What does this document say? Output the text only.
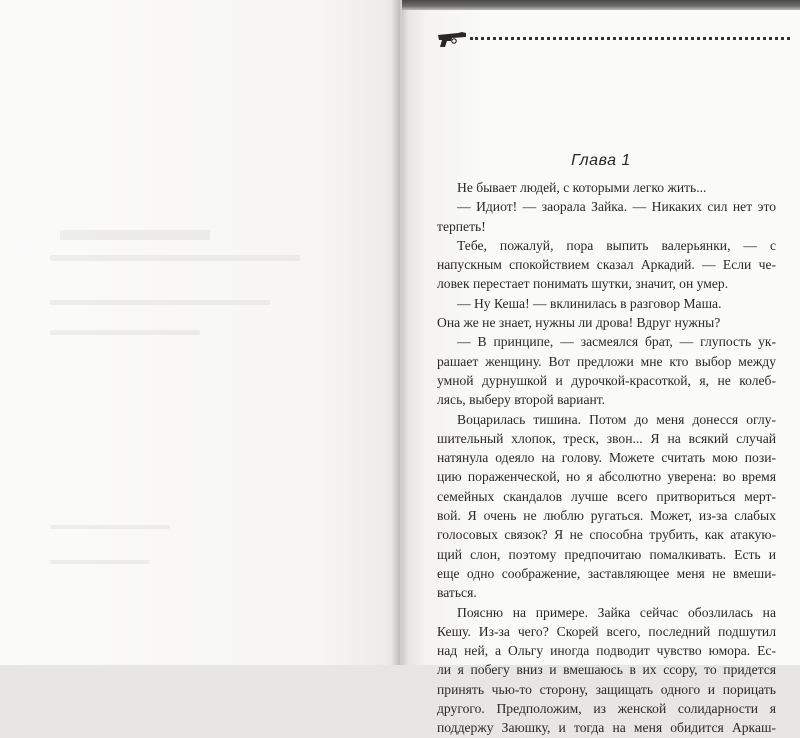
Глава 1
Не бывает людей, с которыми легко жить...
— Идиот! — заорала Зайка. — Никаких сил нет это
терпеть!
Тебе, пожалуй, пора выпить валерьянки, — с
напускным спокойствием сказал Аркадий. — Если че-
ловек перестает понимать шутки, значит, он умер.
— Ну Кеша! — вклинилась в разговор Маша.
Она же не знает, нужны ли дрова! Вдруг нужны?
— В принципе, — засмеялся брат, — глупость ук-
рашает женщину. Вот предложи мне кто выбор между
умной дурнушкой и дурочкой-красоткой, я, не колеб-
лясь, выберу второй вариант.
Воцарилась тишина. Потом до меня донесся оглу-
шительный хлопок, треск, звон... Я на всякий случай
натянула одеяло на голову. Можете считать мою пози-
цию пораженческой, но я абсолютно уверена: во время
семейных скандалов лучше всего притвориться мерт-
вой. Я очень не люблю ругаться. Может, из-за слабых
голосовых связок? Я не способна трубить, как атакую-
щий слон, поэтому предпочитаю помалкивать. Есть и
еще одно соображение, заставляющее меня не вмеши-
ваться.
Поясню на примере. Зайка сейчас обозлилась на
Кешу. Из-за чего? Скорей всего, последний подшутил
над ней, а Ольгу иногда подводит чувство юмора. Ес-
ли я побегу вниз и вмешаюсь в их ссору, то придется
принять чью-то сторону, защищать одного и порицать
другого. Предположим, из женской солидарности я
поддержу Заюшку, и тогда на меня обидится Аркаш-
